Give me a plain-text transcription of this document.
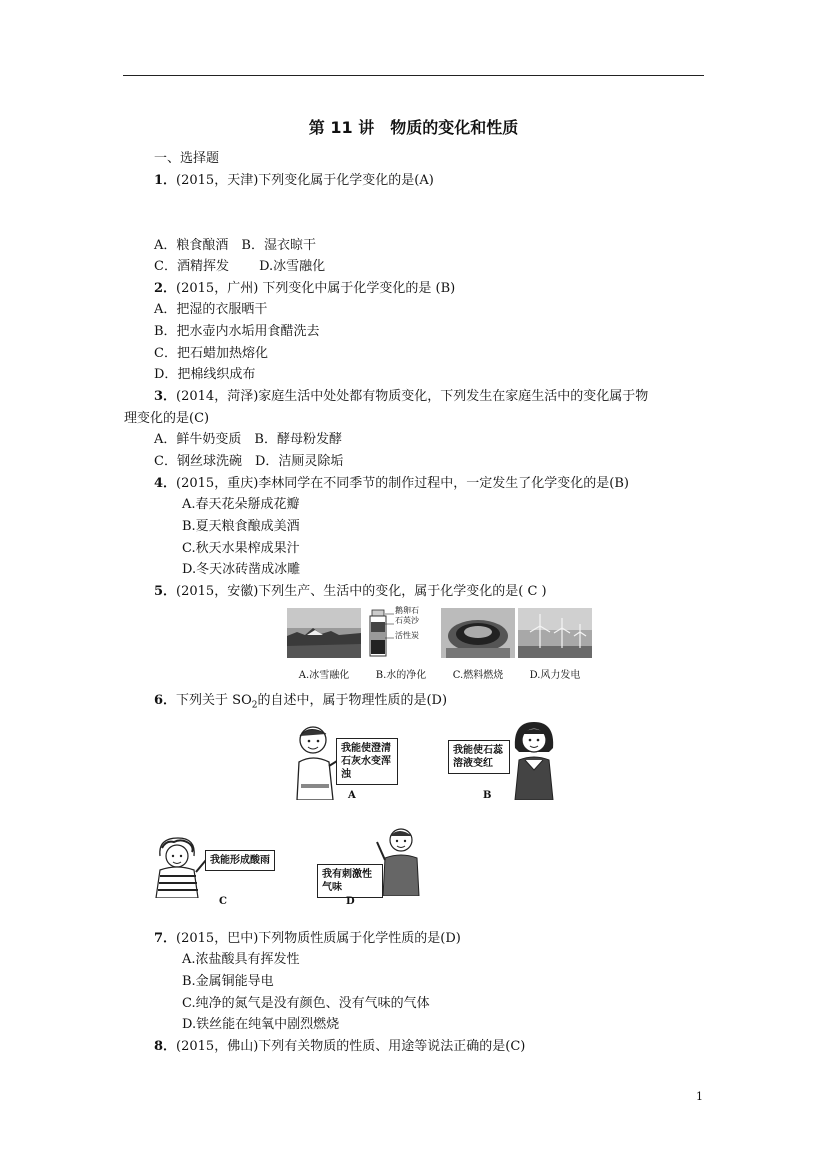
第 11 讲　物质的变化和性质
一、选择题
1．(2015，天津)下列变化属于化学变化的是(A)
A．粮食酿酒　B．湿衣晾干
C．酒精挥发　　 D.冰雪融化
2．(2015，广州) 下列变化中属于化学变化的是 (B)
A．把湿的衣服晒干
B．把水壶内水垢用食醋洗去
C．把石蜡加热熔化
D．把棉线织成布
3．(2014，菏泽)家庭生活中处处都有物质变化，下列发生在家庭生活中的变化属于物
理变化的是(C)
A．鲜牛奶变质　B．酵母粉发酵
C．钢丝球洗碗　D．洁厕灵除垢
4．(2015，重庆)李林同学在不同季节的制作过程中，一定发生了化学变化的是(B)
A.春天花朵掰成花瓣
B.夏天粮食酿成美酒
C.秋天水果榨成果汁
D.冬天冰砖凿成冰雕
5．(2015，安徽)下列生产、生活中的变化，属于化学变化的是( C )
A.冰雪融化
鹅卵石
石英沙
活性炭
B.水的净化	C.燃料燃烧	D.风力发电
6．下列关于 $SO_2$的自述中，属于物理性质的是(D)
我能使澄清石灰水变浑浊
A
我能使石蕊溶液变红
B
我能形成酸雨
C
我有刺激性气味
D
7．(2015，巴中)下列物质性质属于化学性质的是(D)
A.浓盐酸具有挥发性
B.金属铜能导电
C.纯净的氮气是没有颜色、没有气味的气体
D.铁丝能在纯氧中剧烈燃烧
8．(2015，佛山)下列有关物质的性质、用途等说法正确的是(C)
1
